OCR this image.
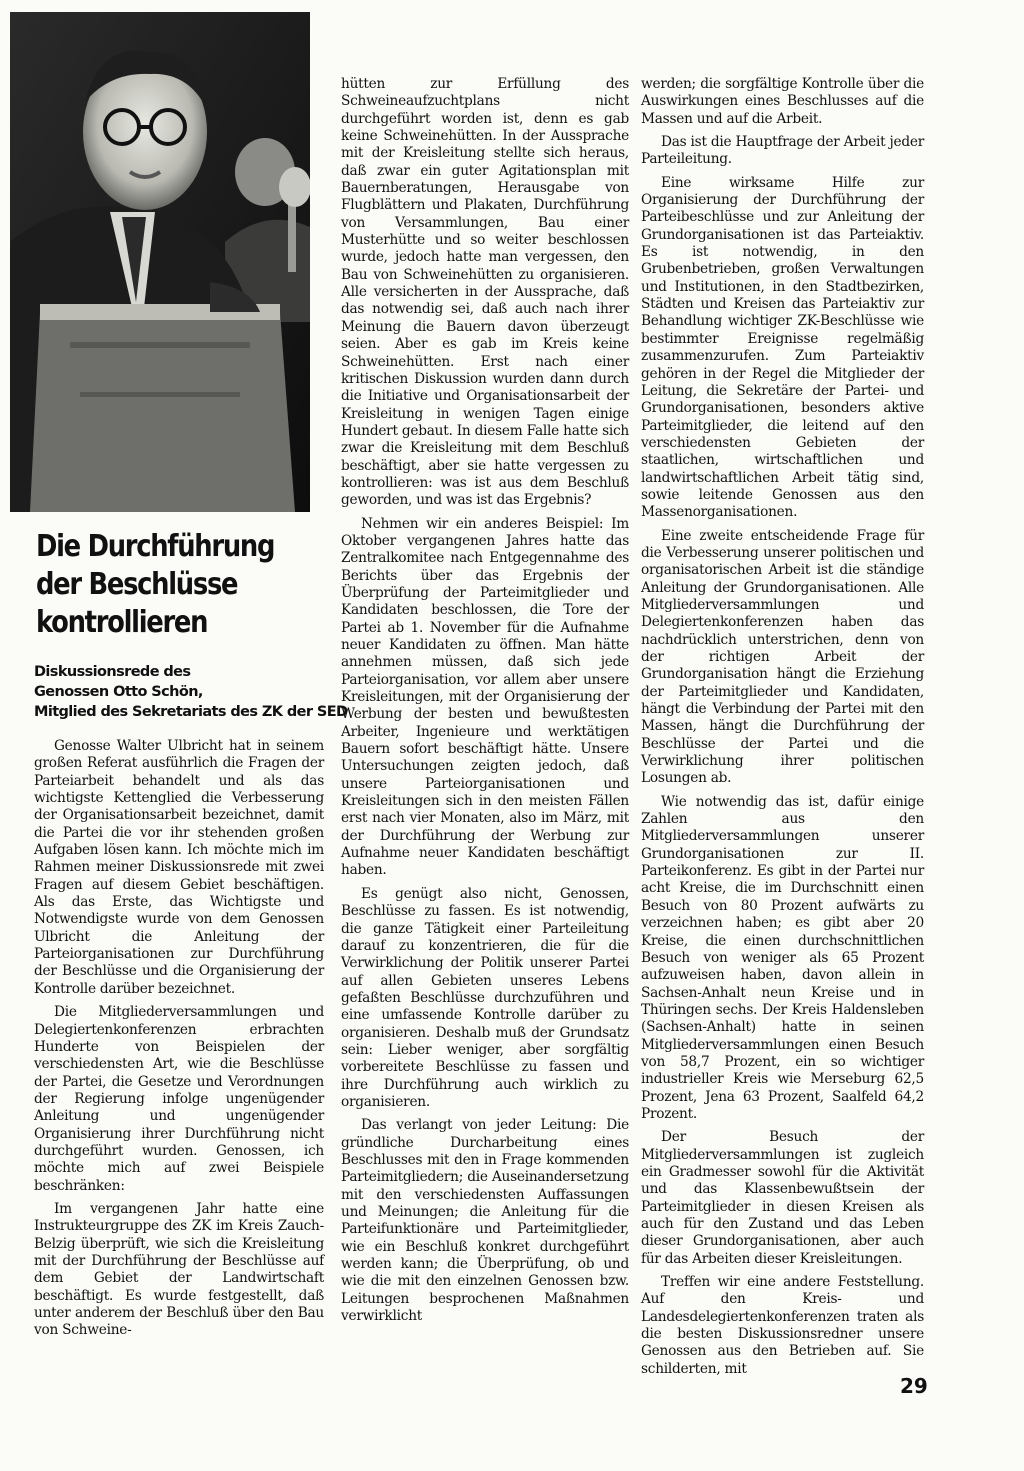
Die Durchführung
der Beschlüsse
kontrollieren
Diskussionsrede des
Genossen Otto Schön,
Mitglied des Sekretariats des ZK der SED

Genosse Walter Ulbricht hat in seinem großen Referat ausführlich die Fragen der Parteiarbeit behandelt und als das wichtigste Kettenglied die Verbesserung der Organisationsarbeit bezeichnet, damit die Partei die vor ihr stehenden großen Aufgaben lösen kann. Ich möchte mich im Rahmen meiner Diskussionsrede mit zwei Fragen auf diesem Gebiet beschäftigen. Als das Erste, das Wichtigste und Notwendigste wurde von dem Genossen Ulbricht die Anleitung der Parteiorganisationen zur Durchführung der Beschlüsse und die Organisierung der Kontrolle darüber bezeichnet.

Die Mitgliederversammlungen und Delegiertenkonferenzen erbrachten Hunderte von Beispielen der verschiedensten Art, wie die Beschlüsse der Partei, die Gesetze und Verordnungen der Regierung infolge ungenügender Anleitung und ungenügender Organisierung ihrer Durchführung nicht durchgeführt wurden. Genossen, ich möchte mich auf zwei Beispiele beschränken:

Im vergangenen Jahr hatte eine Instrukteurgruppe des ZK im Kreis Zauch-Belzig überprüft, wie sich die Kreisleitung mit der Durchführung der Beschlüsse auf dem Gebiet der Landwirtschaft beschäftigt. Es wurde festgestellt, daß unter anderem der Beschluß über den Bau von Schweine-

hütten zur Erfüllung des Schweineaufzuchtplans nicht durchgeführt worden ist, denn es gab keine Schweinehütten. In der Aussprache mit der Kreisleitung stellte sich heraus, daß zwar ein guter Agitationsplan mit Bauernberatungen, Herausgabe von Flugblättern und Plakaten, Durchführung von Versammlungen, Bau einer Musterhütte und so weiter beschlossen wurde, jedoch hatte man vergessen, den Bau von Schweinehütten zu organisieren. Alle versicherten in der Aussprache, daß das notwendig sei, daß auch nach ihrer Meinung die Bauern davon überzeugt seien. Aber es gab im Kreis keine Schweinehütten. Erst nach einer kritischen Diskussion wurden dann durch die Initiative und Organisationsarbeit der Kreisleitung in wenigen Tagen einige Hundert gebaut. In diesem Falle hatte sich zwar die Kreisleitung mit dem Beschluß beschäftigt, aber sie hatte vergessen zu kontrollieren: was ist aus dem Beschluß geworden, und was ist das Ergebnis?

Nehmen wir ein anderes Beispiel: Im Oktober vergangenen Jahres hatte das Zentralkomitee nach Entgegennahme des Berichts über das Ergebnis der Überprüfung der Parteimitglieder und Kandidaten beschlossen, die Tore der Partei ab 1. November für die Aufnahme neuer Kandidaten zu öffnen. Man hätte annehmen müssen, daß sich jede Parteiorganisation, vor allem aber unsere Kreisleitungen, mit der Organisierung der Werbung der besten und bewußtesten Arbeiter, Ingenieure und werktätigen Bauern sofort beschäftigt hätte. Unsere Untersuchungen zeigten jedoch, daß unsere Parteiorganisationen und Kreisleitungen sich in den meisten Fällen erst nach vier Monaten, also im März, mit der Durchführung der Werbung zur Aufnahme neuer Kandidaten beschäftigt haben.

Es genügt also nicht, Genossen, Beschlüsse zu fassen. Es ist notwendig, die ganze Tätigkeit einer Parteileitung darauf zu konzentrieren, die für die Verwirklichung der Politik unserer Partei auf allen Gebieten unseres Lebens gefaßten Beschlüsse durchzuführen und eine umfassende Kontrolle darüber zu organisieren. Deshalb muß der Grundsatz sein: Lieber weniger, aber sorgfältig vorbereitete Beschlüsse zu fassen und ihre Durchführung auch wirklich zu organisieren.

Das verlangt von jeder Leitung: Die gründliche Durcharbeitung eines Beschlusses mit den in Frage kommenden Parteimitgliedern; die Auseinandersetzung mit den verschiedensten Auffassungen und Meinungen; die Anleitung für die Parteifunktionäre und Parteimitglieder, wie ein Beschluß konkret durchgeführt werden kann; die Überprüfung, ob und wie die mit den einzelnen Genossen bzw. Leitungen besprochenen Maßnahmen verwirklicht

werden; die sorgfältige Kontrolle über die Auswirkungen eines Beschlusses auf die Massen und auf die Arbeit.

Das ist die Hauptfrage der Arbeit jeder Parteileitung.

Eine wirksame Hilfe zur Organisierung der Durchführung der Parteibeschlüsse und zur Anleitung der Grundorganisationen ist das Parteiaktiv. Es ist notwendig, in den Grubenbetrieben, großen Verwaltungen und Institutionen, in den Stadtbezirken, Städten und Kreisen das Parteiaktiv zur Behandlung wichtiger ZK-Beschlüsse wie bestimmter Ereignisse regelmäßig zusammenzurufen. Zum Parteiaktiv gehören in der Regel die Mitglieder der Leitung, die Sekretäre der Partei- und Grundorganisationen, besonders aktive Parteimitglieder, die leitend auf den verschiedensten Gebieten der staatlichen, wirtschaftlichen und landwirtschaftlichen Arbeit tätig sind, sowie leitende Genossen aus den Massenorganisationen.

Eine zweite entscheidende Frage für die Verbesserung unserer politischen und organisatorischen Arbeit ist die ständige Anleitung der Grundorganisationen. Alle Mitgliederversammlungen und Delegiertenkonferenzen haben das nachdrücklich unterstrichen, denn von der richtigen Arbeit der Grundorganisation hängt die Erziehung der Parteimitglieder und Kandidaten, hängt die Verbindung der Partei mit den Massen, hängt die Durchführung der Beschlüsse der Partei und die Verwirklichung ihrer politischen Losungen ab.

Wie notwendig das ist, dafür einige Zahlen aus den Mitgliederversammlungen unserer Grundorganisationen zur II. Parteikonferenz. Es gibt in der Partei nur acht Kreise, die im Durchschnitt einen Besuch von 80 Prozent aufwärts zu verzeichnen haben; es gibt aber 20 Kreise, die einen durchschnittlichen Besuch von weniger als 65 Prozent aufzuweisen haben, davon allein in Sachsen-Anhalt neun Kreise und in Thüringen sechs. Der Kreis Haldensleben (Sachsen-Anhalt) hatte in seinen Mitgliederversammlungen einen Besuch von 58,7 Prozent, ein so wichtiger industrieller Kreis wie Merseburg 62,5 Prozent, Jena 63 Prozent, Saalfeld 64,2 Prozent.

Der Besuch der Mitgliederversammlungen ist zugleich ein Gradmesser sowohl für die Aktivität und das Klassenbewußtsein der Parteimitglieder in diesen Kreisen als auch für den Zustand und das Leben dieser Grundorganisationen, aber auch für das Arbeiten dieser Kreisleitungen.

Treffen wir eine andere Feststellung. Auf den Kreis- und Landesdelegiertenkonferenzen traten als die besten Diskussionsredner unsere Genossen aus den Betrieben auf. Sie schilderten, mit

29
